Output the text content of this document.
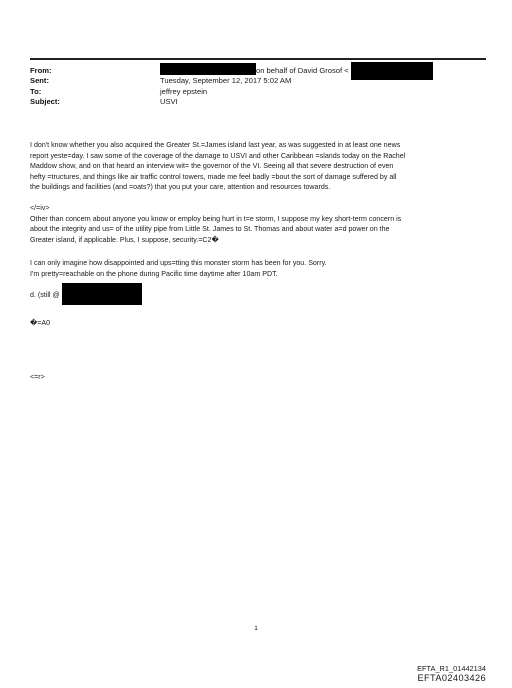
From:	on behalf of David Grosof <
Sent:	Tuesday, September 12, 2017 5:02 AM
To:	jeffrey epstein
Subject:	USVI

I don't know whether you also acquired the Greater St.=James island last year, as was suggested in at least one news

report yeste=day. I saw some of the coverage of the damage to USVI and other Caribbean =slands today on the Rachel

Maddow show, and on that heard an interview wit= the governor of the VI. Seeing all that severe destruction of even

hefty =tructures, and things like air traffic control towers, made me feel badly =bout the sort of damage suffered by all

the buildings and facilities (and =oats?) that you put your care, attention and resources towards.

</=iv>

Other than concern about anyone you know or employ being hurt in t=e storm, I suppose my key short-term concern is

about the integrity and us= of the utility pipe from Little St. James to St. Thomas and about water a=d power on the

Greater island, if applicable. Plus, I suppose, security.=C2�

I can only imagine how disappointed and ups=tting this monster storm has been for you. Sorry.

I'm pretty=reachable on the phone during Pacific time daytime after 10am PDT.

d. (still @

�=A0

<=r>

1
EFTA_R1_01442134
EFTA02403426
